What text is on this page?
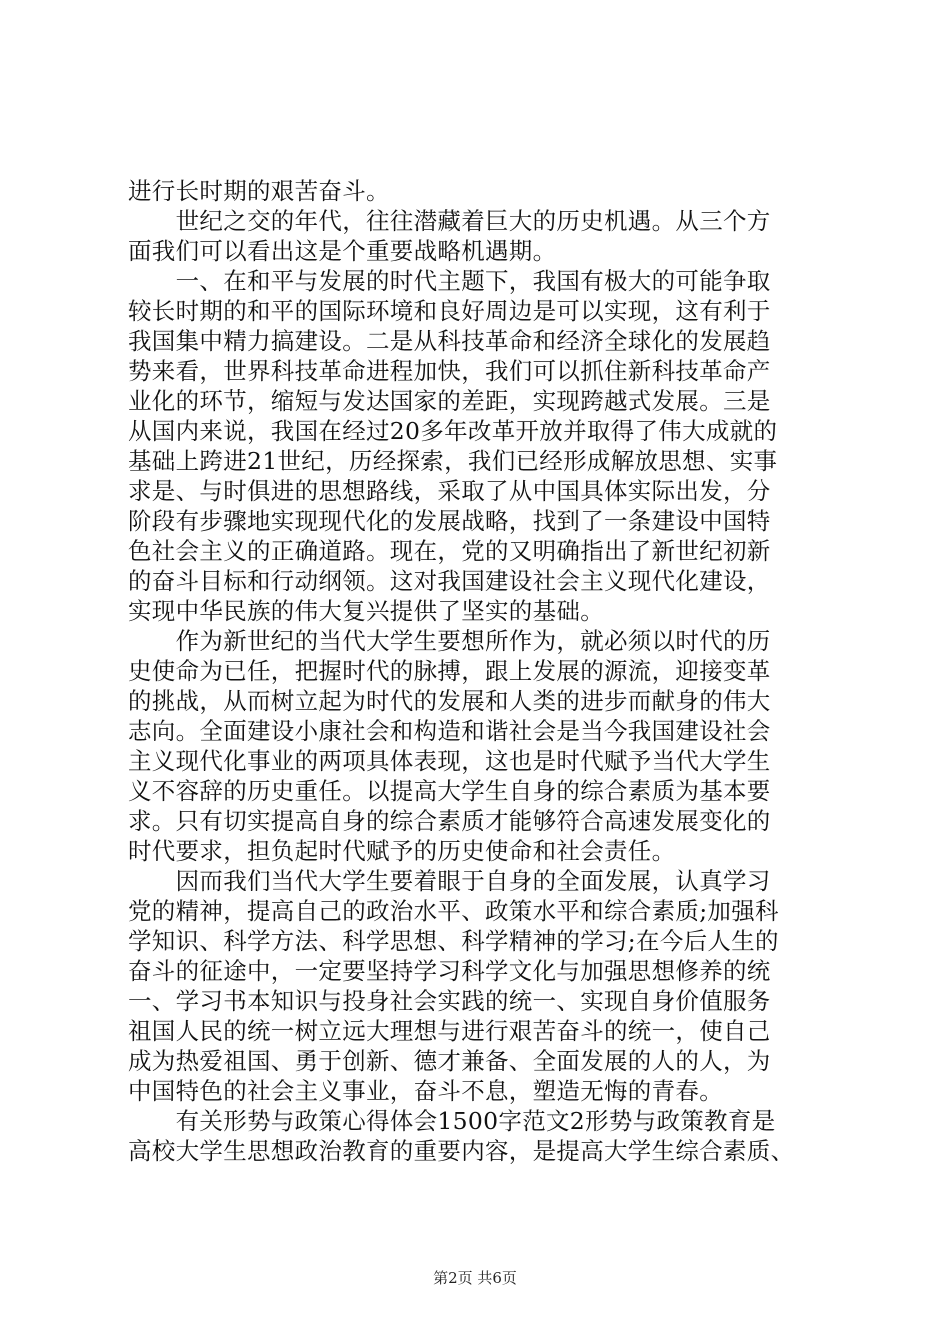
进行长时期的艰苦奋斗。
　　世纪之交的年代，往往潜藏着巨大的历史机遇。从三个方
面我们可以看出这是个重要战略机遇期。
　　一、在和平与发展的时代主题下，我国有极大的可能争取
较长时期的和平的国际环境和良好周边是可以实现，这有利于
我国集中精力搞建设。二是从科技革命和经济全球化的发展趋
势来看，世界科技革命进程加快，我们可以抓住新科技革命产
业化的环节，缩短与发达国家的差距，实现跨越式发展。三是
从国内来说，我国在经过20多年改革开放并取得了伟大成就的
基础上跨进21世纪，历经探索，我们已经形成解放思想、实事
求是、与时俱进的思想路线，采取了从中国具体实际出发，分
阶段有步骤地实现现代化的发展战略，找到了一条建设中国特
色社会主义的正确道路。现在，党的又明确指出了新世纪初新
的奋斗目标和行动纲领。这对我国建设社会主义现代化建设，
实现中华民族的伟大复兴提供了坚实的基础。
　　作为新世纪的当代大学生要想所作为，就必须以时代的历
史使命为已任，把握时代的脉搏，跟上发展的源流，迎接变革
的挑战，从而树立起为时代的发展和人类的进步而献身的伟大
志向。全面建设小康社会和构造和谐社会是当今我国建设社会
主义现代化事业的两项具体表现，这也是时代赋予当代大学生
义不容辞的历史重任。以提高大学生自身的综合素质为基本要
求。只有切实提高自身的综合素质才能够符合高速发展变化的
时代要求，担负起时代赋予的历史使命和社会责任。
　　因而我们当代大学生要着眼于自身的全面发展，认真学习
党的精神，提高自己的政治水平、政策水平和综合素质;加强科
学知识、科学方法、科学思想、科学精神的学习;在今后人生的
奋斗的征途中，一定要坚持学习科学文化与加强思想修养的统
一、学习书本知识与投身社会实践的统一、实现自身价值服务
祖国人民的统一树立远大理想与进行艰苦奋斗的统一，使自己
成为热爱祖国、勇于创新、德才兼备、全面发展的人的人，为
中国特色的社会主义事业，奋斗不息，塑造无悔的青春。
　　有关形势与政策心得体会1500字范文2形势与政策教育是
高校大学生思想政治教育的重要内容，是提高大学生综合素质、
第2页 共6页
